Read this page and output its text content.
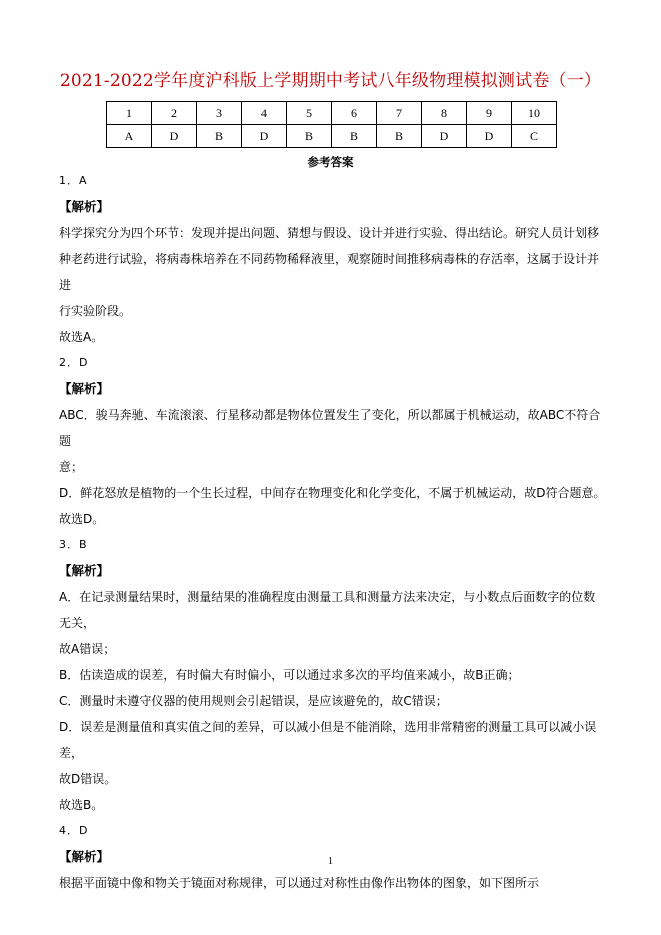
2021-2022学年度沪科版上学期期中考试八年级物理模拟测试卷（一）
1	2	3	4	5	6	7	8	9	10
A	D	B	D	B	B	B	D	D	C
参考答案

1．A

【解析】

科学探究分为四个环节：发现并提出问题、猜想与假设、设计并进行实验、得出结论。研究人员计划移

种老药进行试验，将病毒株培养在不同药物稀释液里，观察随时间推移病毒株的存活率，这属于设计并进

行实验阶段。

故选A。

2．D

【解析】

ABC．骏马奔驰、车流滚滚、行星移动都是物体位置发生了变化，所以都属于机械运动，故ABC不符合题

意；

D．鲜花怒放是植物的一个生长过程，中间存在物理变化和化学变化，不属于机械运动，故D符合题意。

故选D。

3．B

【解析】

A．在记录测量结果时，测量结果的准确程度由测量工具和测量方法来决定，与小数点后面数字的位数无关，

故A错误；

B．估读造成的误差，有时偏大有时偏小，可以通过求多次的平均值来减小，故B正确；

C．测量时未遵守仪器的使用规则会引起错误，是应该避免的，故C错误；

D．误差是测量值和真实值之间的差异，可以减小但是不能消除，选用非常精密的测量工具可以减小误差，

故D错误。

故选B。

4．D

【解析】

根据平面镜中像和物关于镜面对称规律，可以通过对称性由像作出物体的图象，如下图所示

1
